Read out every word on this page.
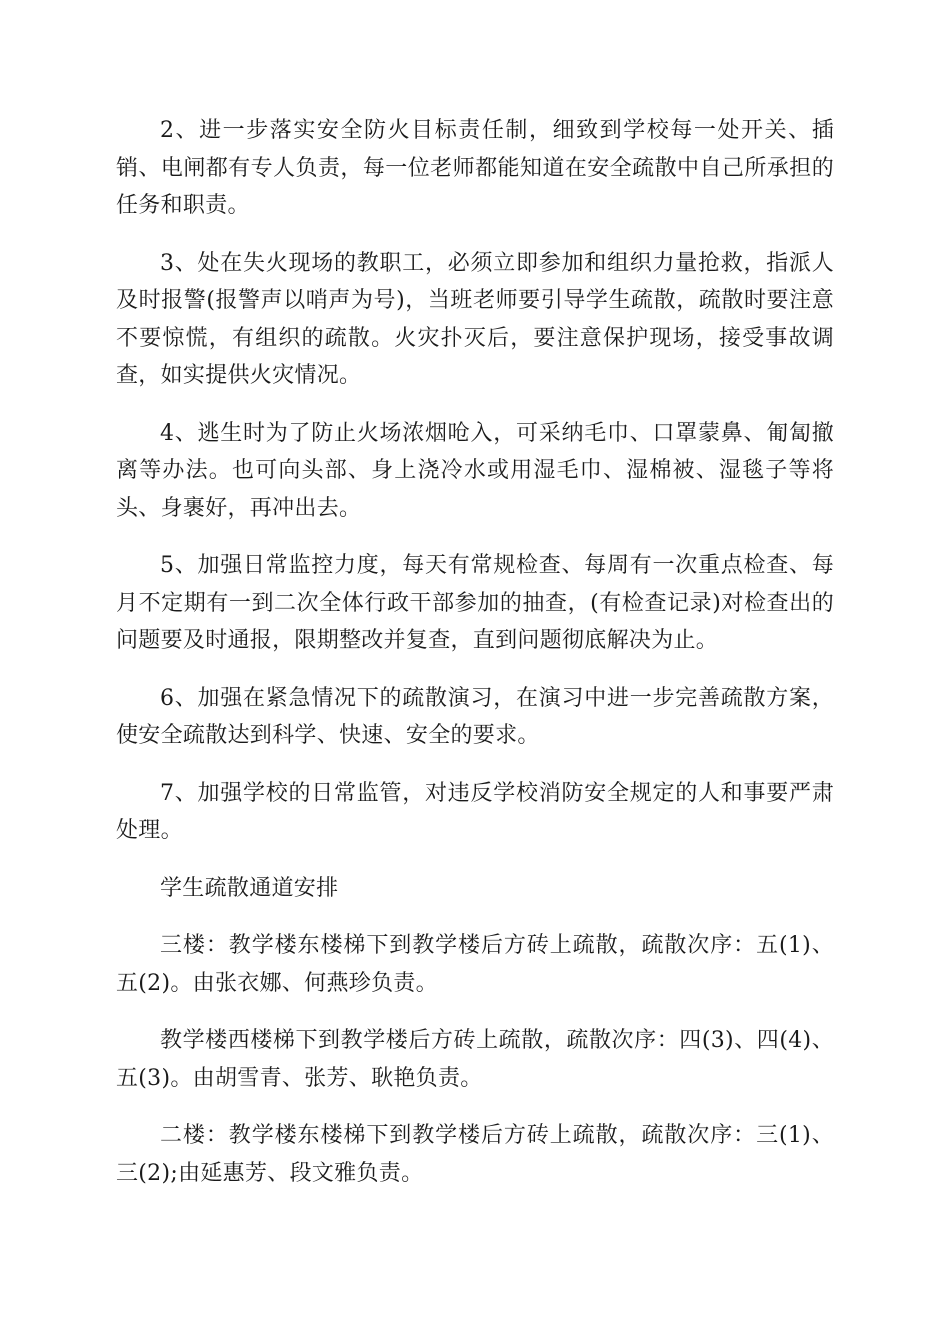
2、进一步落实安全防火目标责任制，细致到学校每一处开关、插销、电闸都有专人负责，每一位老师都能知道在安全疏散中自己所承担的任务和职责。

3、处在失火现场的教职工，必须立即参加和组织力量抢救，指派人及时报警(报警声以哨声为号)，当班老师要引导学生疏散，疏散时要注意不要惊慌，有组织的疏散。火灾扑灭后，要注意保护现场，接受事故调查，如实提供火灾情况。

4、逃生时为了防止火场浓烟呛入，可采纳毛巾、口罩蒙鼻、匍匐撤离等办法。也可向头部、身上浇冷水或用湿毛巾、湿棉被、湿毯子等将头、身裹好，再冲出去。

5、加强日常监控力度，每天有常规检查、每周有一次重点检查、每月不定期有一到二次全体行政干部参加的抽查，(有检查记录)对检查出的问题要及时通报，限期整改并复查，直到问题彻底解决为止。

6、加强在紧急情况下的疏散演习，在演习中进一步完善疏散方案，使安全疏散达到科学、快速、安全的要求。

7、加强学校的日常监管，对违反学校消防安全规定的人和事要严肃处理。

学生疏散通道安排

三楼：教学楼东楼梯下到教学楼后方砖上疏散，疏散次序：五(1)、五(2)。由张衣娜、何燕珍负责。

教学楼西楼梯下到教学楼后方砖上疏散，疏散次序：四(3)、四(4)、五(3)。由胡雪青、张芳、耿艳负责。

二楼：教学楼东楼梯下到教学楼后方砖上疏散，疏散次序：三(1)、三(2);由延惠芳、段文雅负责。
